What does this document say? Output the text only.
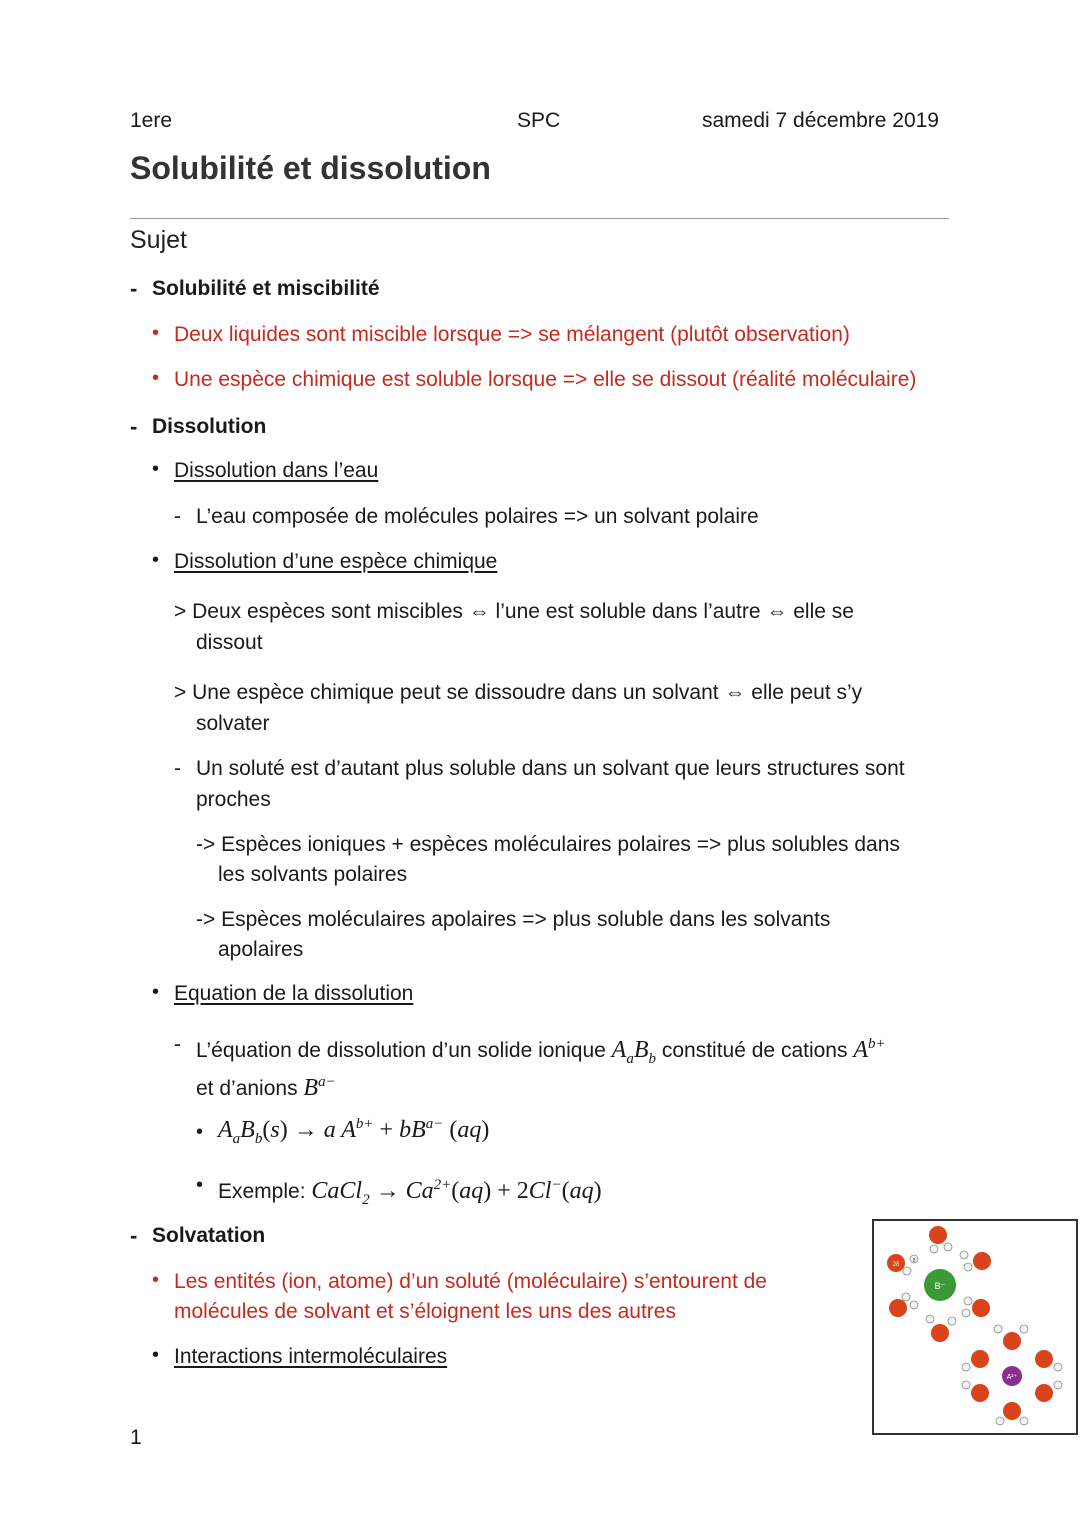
1ere	SPC	samedi 7 décembre 2019
Solubilité et dissolution
Sujet
- Solubilité et miscibilité
• Deux liquides sont miscible lorsque => se mélangent (plutôt observation)
• Une espèce chimique est soluble lorsque => elle se dissout (réalité moléculaire)
- Dissolution
• Dissolution dans l’eau
- L’eau composée de molécules polaires => un solvant polaire
• Dissolution d’une espèce chimique
> Deux espèces sont miscibles ⇔ l’une est soluble dans l’autre ⇔ elle se
dissout
> Une espèce chimique peut se dissoudre dans un solvant ⇔ elle peut s’y
solvater
- Un soluté est d’autant plus soluble dans un solvant que leurs structures sont
proches
-> Espèces ioniques + espèces moléculaires polaires => plus solubles dans
les solvants polaires
-> Espèces moléculaires apolaires => plus soluble dans les solvants
apolaires
• Equation de la dissolution
- L’équation de dissolution d’un solide ionique $A_aB_b$ constitué de cations $A^{b+}$
et d’anions $B^{a-}$
• $A_aB_b(s) \to a$ $A^{b+} + bB^{a-}$ (aq)
• Exemple: CaCl$_2$ → $Ca^{2+}(aq) + 2Cl^-(aq)$
- Solvatation
• Les entités (ion, atome) d’un soluté (moléculaire) s’entourent de
molécules de solvant et s’éloignent les uns des autres
• Interactions intermoléculaires
B⁻
A²⁺
2δ
δ
1
